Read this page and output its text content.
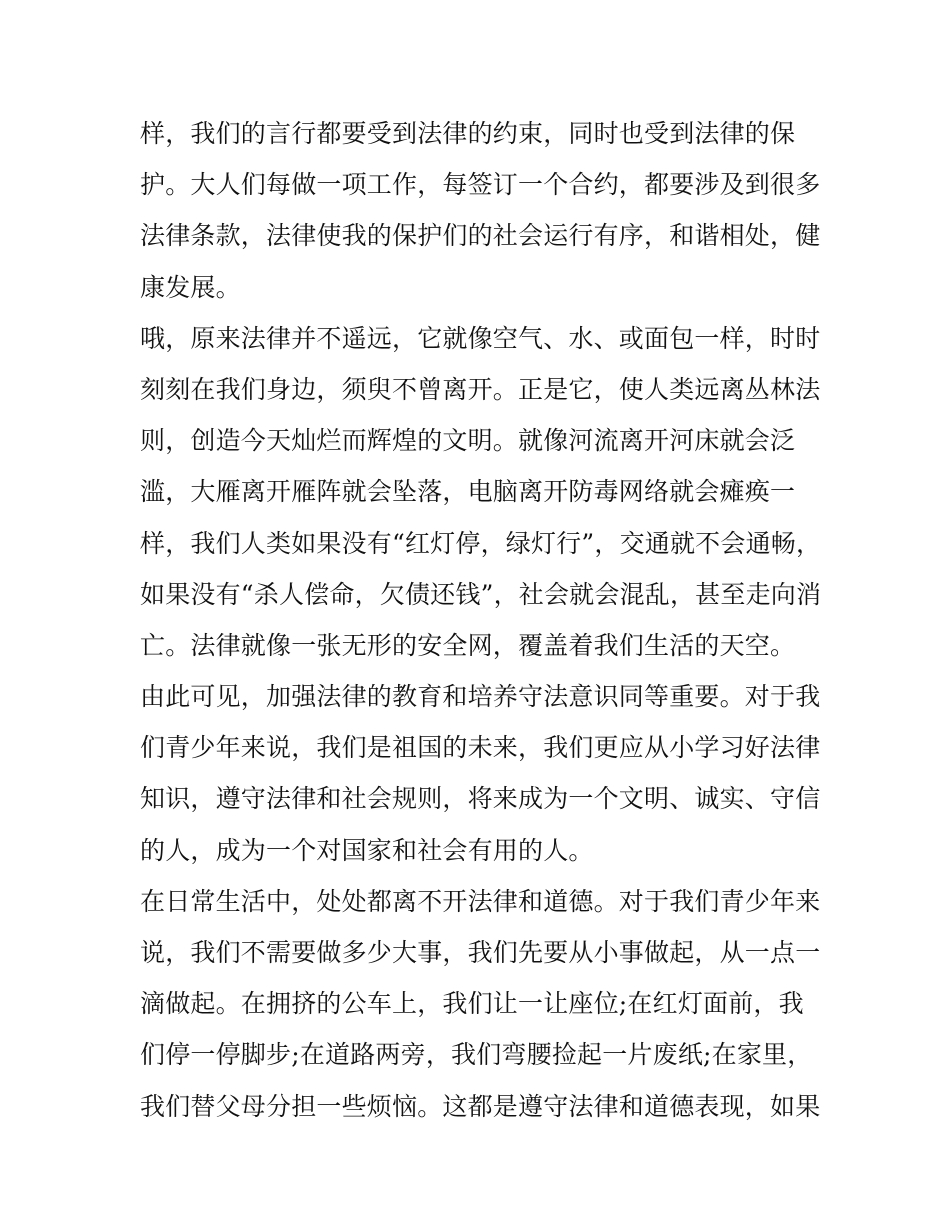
样，我们的言行都要受到法律的约束，同时也受到法律的保
护。大人们每做一项工作，每签订一个合约，都要涉及到很多
法律条款，法律使我的保护们的社会运行有序，和谐相处，健
康发展。
哦，原来法律并不遥远，它就像空气、水、或面包一样，时时
刻刻在我们身边，须臾不曾离开。正是它，使人类远离丛林法
则，创造今天灿烂而辉煌的文明。就像河流离开河床就会泛
滥，大雁离开雁阵就会坠落，电脑离开防毒网络就会瘫痪一
样，我们人类如果没有“红灯停，绿灯行”，交通就不会通畅，
如果没有“杀人偿命，欠债还钱”，社会就会混乱，甚至走向消
亡。法律就像一张无形的安全网，覆盖着我们生活的天空。
由此可见，加强法律的教育和培养守法意识同等重要。对于我
们青少年来说，我们是祖国的未来，我们更应从小学习好法律
知识，遵守法律和社会规则，将来成为一个文明、诚实、守信
的人，成为一个对国家和社会有用的人。
在日常生活中，处处都离不开法律和道德。对于我们青少年来
说，我们不需要做多少大事，我们先要从小事做起，从一点一
滴做起。在拥挤的公车上，我们让一让座位;在红灯面前，我
们停一停脚步;在道路两旁，我们弯腰捡起一片废纸;在家里，
我们替父母分担一些烦恼。这都是遵守法律和道德表现，如果
